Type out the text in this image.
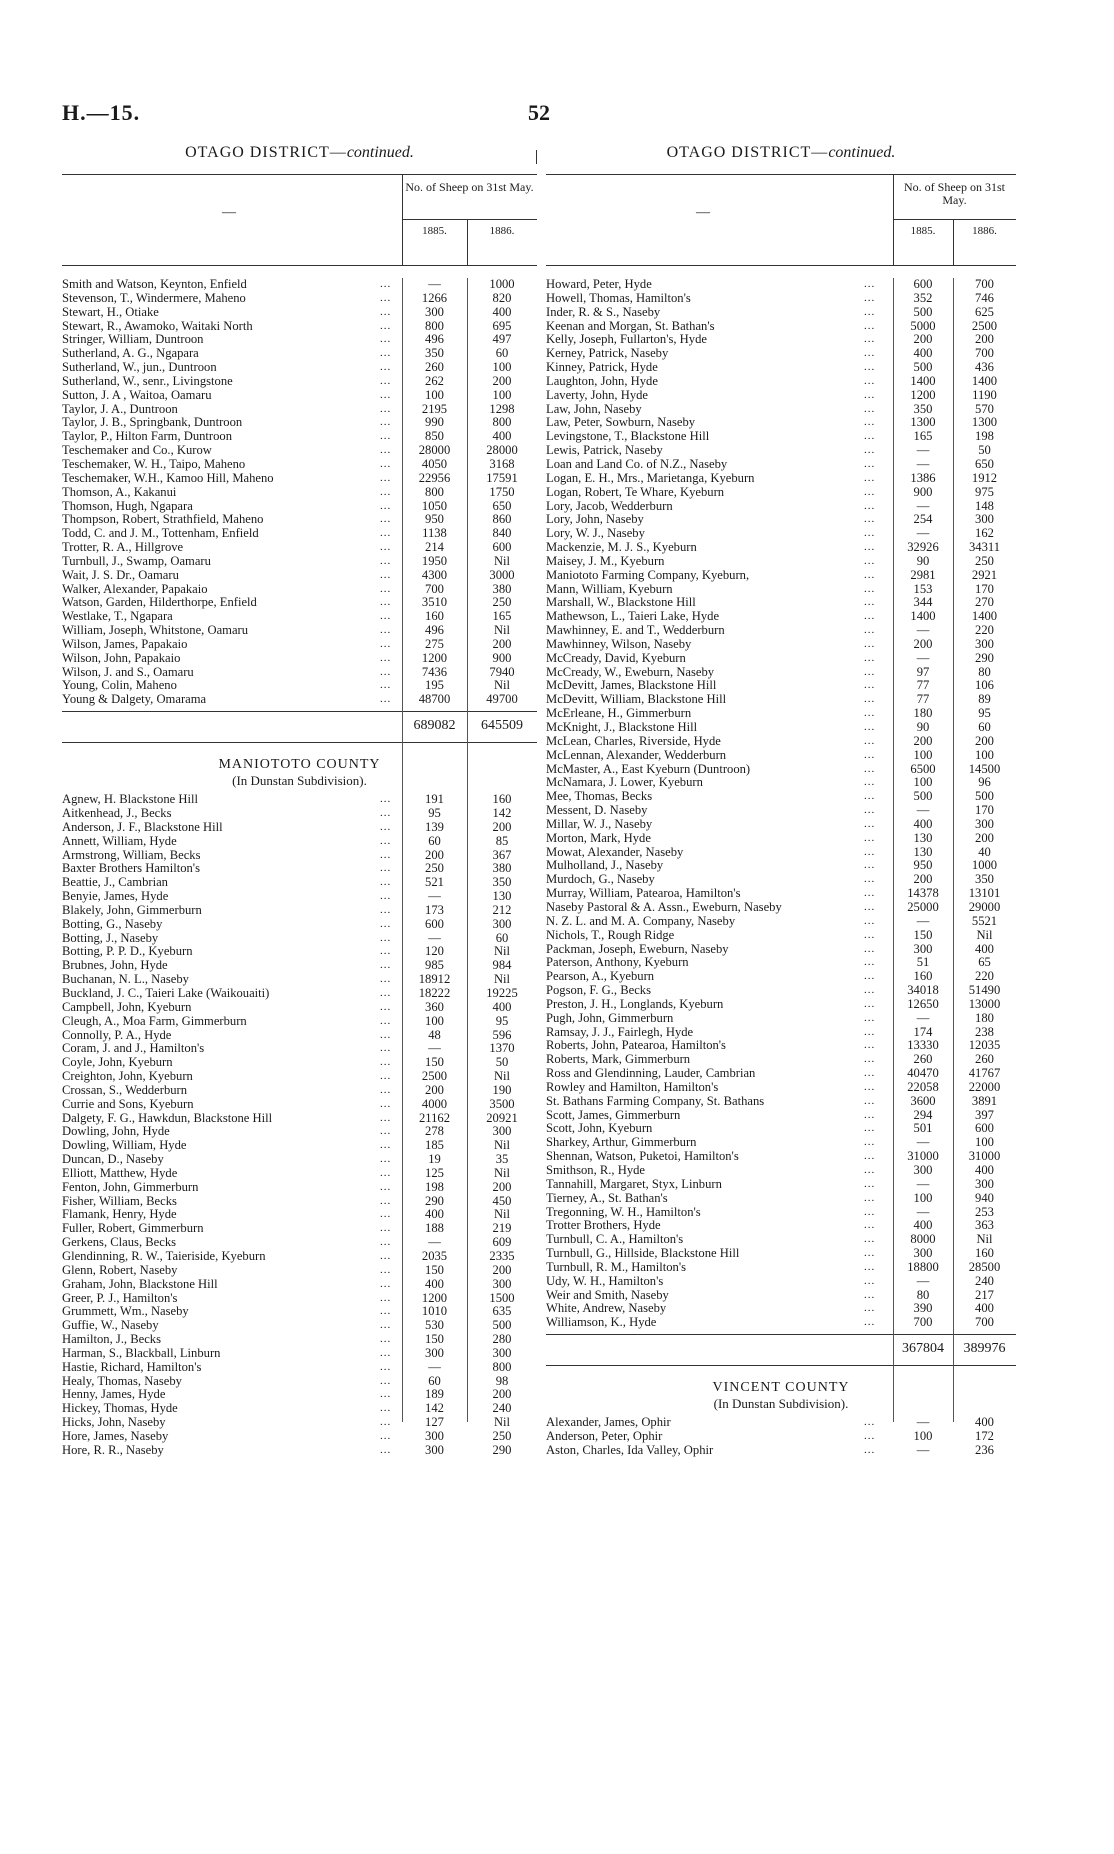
H.—15.	52
OTAGO DISTRICT—continued.
—
No. of Sheep on 31st May.
1885.	1886.
Smith and Watson, Keynton, Enfield	...	—	1000
Stevenson, T., Windermere, Maheno	...	1266	820
Stewart, H., Otiake	...	300	400
Stewart, R., Awamoko, Waitaki North	...	800	695
Stringer, William, Duntroon	...	496	497
Sutherland, A. G., Ngapara	...	350	60
Sutherland, W., jun., Duntroon	...	260	100
Sutherland, W., senr., Livingstone	...	262	200
Sutton, J. A , Waitoa, Oamaru	...	100	100
Taylor, J. A., Duntroon	...	2195	1298
Taylor, J. B., Springbank, Duntroon	...	990	800
Taylor, P., Hilton Farm, Duntroon	...	850	400
Teschemaker and Co., Kurow	...	28000	28000
Teschemaker, W. H., Taipo, Maheno	...	4050	3168
Teschemaker, W.H., Kamoo Hill, Maheno	...	22956	17591
Thomson, A., Kakanui	...	800	1750
Thomson, Hugh, Ngapara	...	1050	650
Thompson, Robert, Strathfield, Maheno	...	950	860
Todd, C. and J. M., Tottenham, Enfield	...	1138	840
Trotter, R. A., Hillgrove	...	214	600
Turnbull, J., Swamp, Oamaru	...	1950	Nil
Wait, J. S. Dr., Oamaru	...	4300	3000
Walker, Alexander, Papakaio	...	700	380
Watson, Garden, Hilderthorpe, Enfield	...	3510	250
Westlake, T., Ngapara	...	160	165
William, Joseph, Whitstone, Oamaru	...	496	Nil
Wilson, James, Papakaio	...	275	200
Wilson, John, Papakaio	...	1200	900
Wilson, J. and S., Oamaru	...	7436	7940
Young, Colin, Maheno	...	195	Nil
Young & Dalgety, Omarama	...	48700	49700
689082	645509
MANIOTOTO COUNTY
(In Dunstan Subdivision).
Agnew, H. Blackstone Hill	...	191	160
Aitkenhead, J., Becks	...	95	142
Anderson, J. F., Blackstone Hill	...	139	200
Annett, William, Hyde	...	60	85
Armstrong, William, Becks	...	200	367
Baxter Brothers Hamilton's	...	250	380
Beattie, J., Cambrian	...	521	350
Benyie, James, Hyde	...	—	130
Blakely, John, Gimmerburn	...	173	212
Botting, G., Naseby	...	600	300
Botting, J., Naseby	...	—	60
Botting, P. P. D., Kyeburn	...	120	Nil
Brubnes, John, Hyde	...	985	984
Buchanan, N. L., Naseby	...	18912	Nil
Buckland, J. C., Taieri Lake (Waikouaiti)	...	18222	19225
Campbell, John, Kyeburn	...	360	400
Cleugh, A., Moa Farm, Gimmerburn	...	100	95
Connolly, P. A., Hyde	...	48	596
Coram, J. and J., Hamilton's	...	—	1370
Coyle, John, Kyeburn	...	150	50
Creighton, John, Kyeburn	...	2500	Nil
Crossan, S., Wedderburn	...	200	190
Currie and Sons, Kyeburn	...	4000	3500
Dalgety, F. G., Hawkdun, Blackstone Hill	...	21162	20921
Dowling, John, Hyde	...	278	300
Dowling, William, Hyde	...	185	Nil
Duncan, D., Naseby	...	19	35
Elliott, Matthew, Hyde	...	125	Nil
Fenton, John, Gimmerburn	...	198	200
Fisher, William, Becks	...	290	450
Flamank, Henry, Hyde	...	400	Nil
Fuller, Robert, Gimmerburn	...	188	219
Gerkens, Claus, Becks	...	—	609
Glendinning, R. W., Taieriside, Kyeburn	...	2035	2335
Glenn, Robert, Naseby	...	150	200
Graham, John, Blackstone Hill	...	400	300
Greer, P. J., Hamilton's	...	1200	1500
Grummett, Wm., Naseby	...	1010	635
Guffie, W., Naseby	...	530	500
Hamilton, J., Becks	...	150	280
Harman, S., Blackball, Linburn	...	300	300
Hastie, Richard, Hamilton's	...	—	800
Healy, Thomas, Naseby	...	60	98
Henny, James, Hyde	...	189	200
Hickey, Thomas, Hyde	...	142	240
Hicks, John, Naseby	...	127	Nil
Hore, James, Naseby	...	300	250
Hore, R. R., Naseby	...	300	290
OTAGO DISTRICT—continued.
—
No. of Sheep on 31st May.
1885.	1886.
Howard, Peter, Hyde	...	600	700
Howell, Thomas, Hamilton's	...	352	746
Inder, R. & S., Naseby	...	500	625
Keenan and Morgan, St. Bathan's	...	5000	2500
Kelly, Joseph, Fullarton's, Hyde	...	200	200
Kerney, Patrick, Naseby	...	400	700
Kinney, Patrick, Hyde	...	500	436
Laughton, John, Hyde	...	1400	1400
Laverty, John, Hyde	...	1200	1190
Law, John, Naseby	...	350	570
Law, Peter, Sowburn, Naseby	...	1300	1300
Levingstone, T., Blackstone Hill	...	165	198
Lewis, Patrick, Naseby	...	—	50
Loan and Land Co. of N.Z., Naseby	...	—	650
Logan, E. H., Mrs., Marietanga, Kyeburn	...	1386	1912
Logan, Robert, Te Whare, Kyeburn	...	900	975
Lory, Jacob, Wedderburn	...	—	148
Lory, John, Naseby	...	254	300
Lory, W. J., Naseby	...	—	162
Mackenzie, M. J. S., Kyeburn	...	32926	34311
Maisey, J. M., Kyeburn	...	90	250
Maniototo Farming Company, Kyeburn,	...	2981	2921
Mann, William, Kyeburn	...	153	170
Marshall, W., Blackstone Hill	...	344	270
Mathewson, L., Taieri Lake, Hyde	...	1400	1400
Mawhinney, E. and T., Wedderburn	...	—	220
Mawhinney, Wilson, Naseby	...	200	300
McCready, David, Kyeburn	...	—	290
McCready, W., Eweburn, Naseby	...	97	80
McDevitt, James, Blackstone Hill	...	77	106
McDevitt, William, Blackstone Hill	...	77	89
McErleane, H., Gimmerburn	...	180	95
McKnight, J., Blackstone Hill	...	90	60
McLean, Charles, Riverside, Hyde	...	200	200
McLennan, Alexander, Wedderburn	...	100	100
McMaster, A., East Kyeburn (Duntroon)	...	6500	14500
McNamara, J. Lower, Kyeburn	...	100	96
Mee, Thomas, Becks	...	500	500
Messent, D. Naseby	...	—	170
Millar, W. J., Naseby	...	400	300
Morton, Mark, Hyde	...	130	200
Mowat, Alexander, Naseby	...	130	40
Mulholland, J., Naseby	...	950	1000
Murdoch, G., Naseby	...	200	350
Murray, William, Patearoa, Hamilton's	...	14378	13101
Naseby Pastoral & A. Assn., Eweburn, Naseby	...	25000	29000
N. Z. L. and M. A. Company, Naseby	...	—	5521
Nichols, T., Rough Ridge	...	150	Nil
Packman, Joseph, Eweburn, Naseby	...	300	400
Paterson, Anthony, Kyeburn	...	51	65
Pearson, A., Kyeburn	...	160	220
Pogson, F. G., Becks	...	34018	51490
Preston, J. H., Longlands, Kyeburn	...	12650	13000
Pugh, John, Gimmerburn	...	—	180
Ramsay, J. J., Fairlegh, Hyde	...	174	238
Roberts, John, Patearoa, Hamilton's	...	13330	12035
Roberts, Mark, Gimmerburn	...	260	260
Ross and Glendinning, Lauder, Cambrian	...	40470	41767
Rowley and Hamilton, Hamilton's	...	22058	22000
St. Bathans Farming Company, St. Bathans	...	3600	3891
Scott, James, Gimmerburn	...	294	397
Scott, John, Kyeburn	...	501	600
Sharkey, Arthur, Gimmerburn	...	—	100
Shennan, Watson, Puketoi, Hamilton's	...	31000	31000
Smithson, R., Hyde	...	300	400
Tannahill, Margaret, Styx, Linburn	...	—	300
Tierney, A., St. Bathan's	...	100	940
Tregonning, W. H., Hamilton's	...	—	253
Trotter Brothers, Hyde	...	400	363
Turnbull, C. A., Hamilton's	...	8000	Nil
Turnbull, G., Hillside, Blackstone Hill	...	300	160
Turnbull, R. M., Hamilton's	...	18800	28500
Udy, W. H., Hamilton's	...	—	240
Weir and Smith, Naseby	...	80	217
White, Andrew, Naseby	...	390	400
Williamson, K., Hyde	...	700	700
367804	389976
VINCENT COUNTY
(In Dunstan Subdivision).
Alexander, James, Ophir	...	—	400
Anderson, Peter, Ophir	...	100	172
Aston, Charles, Ida Valley, Ophir	...	—	236
